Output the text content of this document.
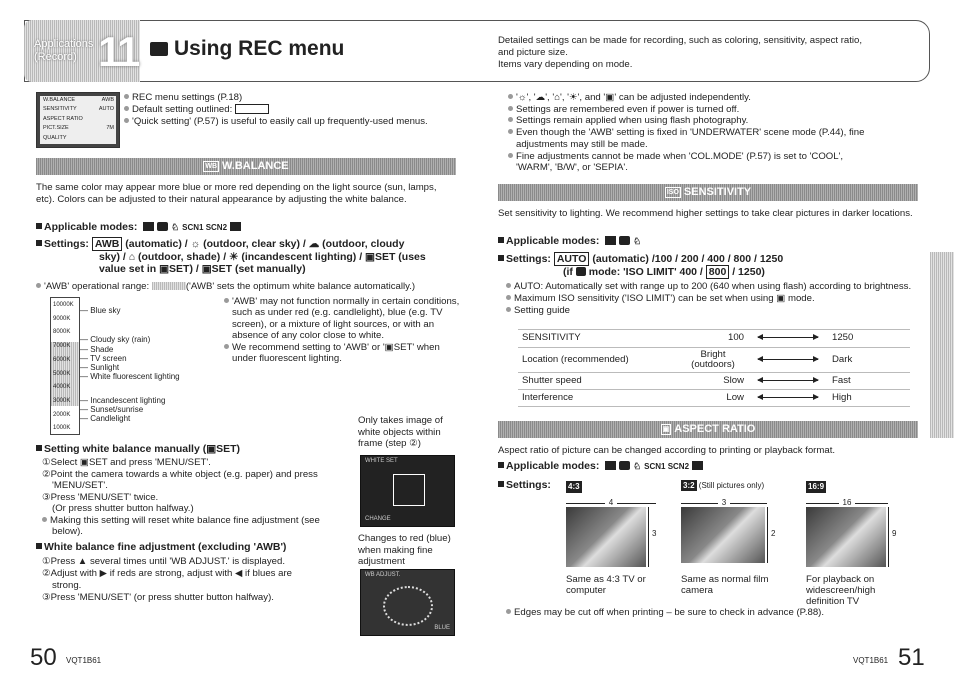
Applications
(Record) 11 Using REC menu	Detailed settings can be made for recording, such as coloring, sensitivity, aspect ratio,
and picture size.
Items vary depending on mode.
W.BALANCE	AWB
SENSITIVITY	AUTO
ASPECT RATIO
PICT.SIZE	7M
QUALITY
REC menu settings (P.18)
Default setting outlined:
'Quick setting' (P.57) is useful to easily call up frequently-used menus.
WB W.BALANCE
The same color may appear more blue or more red depending on the light source (sun, lamps, etc). Colors can be adjusted to their natural appearance by adjusting the white balance.
Applicable modes:	♘ SCN1 SCN2
Settings: AWB (automatic) / ☼ (outdoor, clear sky) / ☁ (outdoor, cloudy
sky) / ⌂ (outdoor, shade) / ☀ (incandescent lighting) / ▣SET (uses
value set in ▣SET) / ▣SET (set manually)
'AWB' operational range:	('AWB' sets the optimum white balance automatically.)
10000K
9000K
8000K
7000K
6000K
5000K
4000K
3000K
2000K
1000K
— Blue sky
— Cloudy sky (rain)
— Shade
— TV screen
— Sunlight
— White fluorescent lighting
— Incandescent lighting
— Sunset/sunrise
— Candlelight
'AWB' may not function normally in certain conditions, such as under red (e.g. candlelight), blue (e.g. TV screen), or a mixture of light sources, or with an absence of any color close to white.
We recommend setting to 'AWB' or '▣SET' when under fluorescent lighting.
Setting white balance manually (▣SET)
①Select ▣SET and press 'MENU/SET'.
②Point the camera towards a white object (e.g. paper) and press
'MENU/SET'.
③Press 'MENU/SET' twice.
(Or press shutter button halfway.)
Making this setting will reset white balance fine adjustment (see
below).
Only takes image of white objects within frame (step ②)
WHITE SET
CHANGE
White balance fine adjustment (excluding 'AWB')
①Press ▲ several times until 'WB ADJUST.' is displayed.
②Adjust with ▶ if reds are strong, adjust with ◀ if blues are
strong.
③Press 'MENU/SET' (or press shutter button halfway).
Changes to red (blue) when making fine adjustment
WB ADJUST.
BLUE
'☼', '☁', '⌂', '☀', and '▣' can be adjusted independently.
Settings are remembered even if power is turned off.
Settings remain applied when using flash photography.
Even though the 'AWB' setting is fixed in 'UNDERWATER' scene mode (P.44), fine
adjustments may still be made.
Fine adjustments cannot be made when 'COL.MODE' (P.57) is set to 'COOL',
'WARM', 'B/W', or 'SEPIA'.
ISO SENSITIVITY
Set sensitivity to lighting. We recommend higher settings to take clear pictures in darker locations.
Applicable modes:	♘
Settings: AUTO (automatic) /100 / 200 / 400 / 800 / 1250
(if  mode: 'ISO LIMIT' 400 / 800 / 1250)
AUTO: Automatically set with range up to 200 (640 when using flash) according to brightness.
Maximum ISO sensitivity ('ISO LIMIT') can be set when using ▣ mode.
Setting guide
SENSITIVITY	100		1250
Location (recommended)	Bright (outdoors)		Dark
Shutter speed	Slow		Fast
Interference	Low		High
▣ ASPECT RATIO
Aspect ratio of picture can be changed according to printing or playback format.
Applicable modes:	♘ SCN1 SCN2
Settings: 4:3	3:2 (Still pictures only)	16:9
4	3	16
3	2	9
Same as 4:3 TV or computer
Same as normal film camera
For playback on widescreen/high definition TV
Edges may be cut off when printing – be sure to check in advance (P.88).
50 VQT1B61	VQT1B61 51
